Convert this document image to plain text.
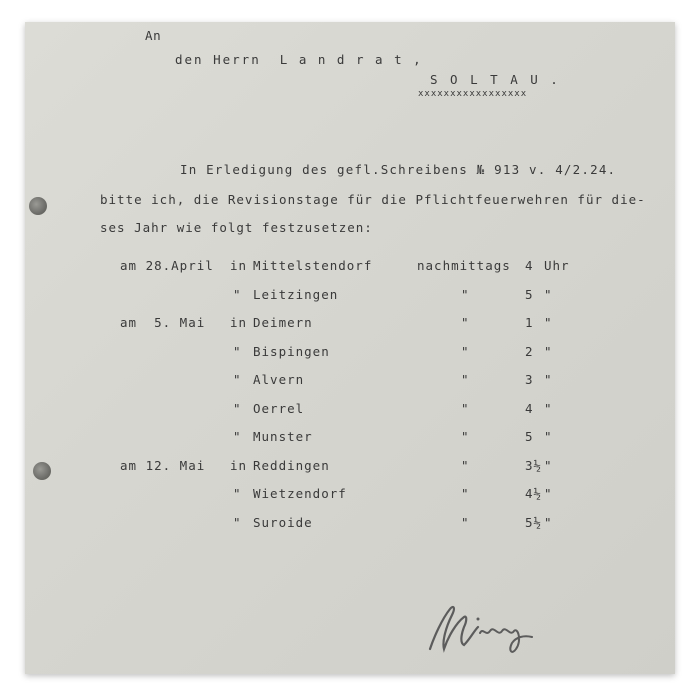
An
den Herrn  L a n d r a t ,
S O L T A U .
xxxxxxxxxxxxxxxxx
In Erledigung des gefl.Schreibens № 913 v. 4/2.24.
bitte ich, die Revisionstage für die Pflichtfeuerwehren für die-
ses Jahr wie folgt festzusetzen:
am 28.April in Mittelstendorf	nachmittags 4 Uhr
" Leitzingen	"	5 "
am  5. Mai in Deimern	"	1 "
" Bispingen	"	2 "
" Alvern	"	3 "
" Oerrel	"	4 "
" Munster	"	5 "
am 12. Mai in Reddingen	"	3½ "
" Wietzendorf	"	4½ "
" Suroide	"	5½ "
